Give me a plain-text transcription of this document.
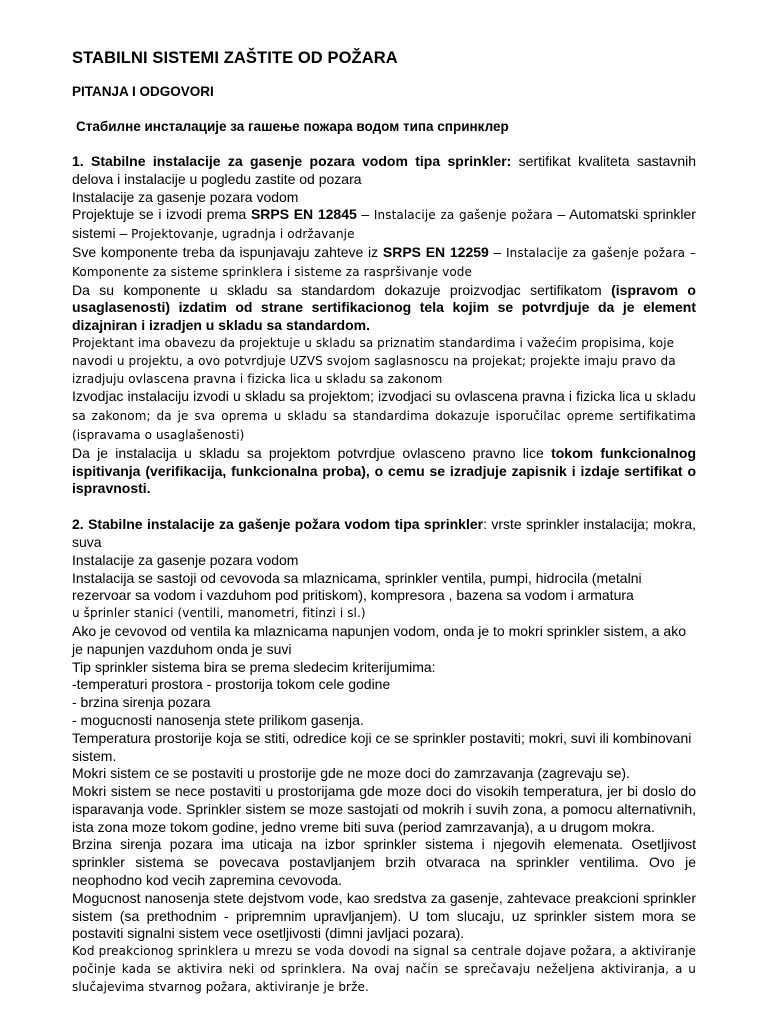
STABILNI SISTEMI ZAŠTITE OD POŽARA
PITANJA I ODGOVORI
Стабилне инсталације за гашење пожара водом типа спринклер

1. Stabilne instalacije za gasenje pozara vodom tipa sprinkler: sertifikat kvaliteta sastavnih delova i instalacije u pogledu zastite od pozara

Instalacije za gasenje pozara vodom

Projektuje se i izvodi prema SRPS EN 12845 – Instalacije za gašenje požara – Automatski sprinkler sistemi – Projektovanje, ugradnja i održavanje

Sve komponente treba da ispunjavaju zahteve iz SRPS EN 12259 – Instalacije za gašenje požara – Komponente za sisteme sprinklera i sisteme za raspršivanje vode

Da su komponente u skladu sa standardom dokazuje proizvodjac sertifikatom (ispravom o usaglasenosti) izdatim od strane sertifikacionog tela kojim se potvrdjuje da je element dizajniran i izradjen u skladu sa standardom.

Projektant ima obavezu da projektuje u skladu sa priznatim standardima i važećim propisima, koje navodi u projektu, a ovo potvrdjuje UZVS svojom saglasnoscu na projekat; projekte imaju pravo da izradjuju ovlascena pravna i fizicka lica u skladu sa zakonom

Izvodjac instalaciju izvodi u skladu sa projektom; izvodjaci su ovlascena pravna i fizicka lica u skladu sa zakonom; da je sva oprema u skladu sa standardima dokazuje isporučilac opreme sertifikatima (ispravama o usaglašenosti)

Da je instalacija u skladu sa projektom potvrdjue ovlasceno pravno lice tokom funkcionalnog ispitivanja (verifikacija, funkcionalna proba), o cemu se izradjuje zapisnik i izdaje sertifikat o ispravnosti.

2. Stabilne instalacije za gašenje požara vodom tipa sprinkler: vrste sprinkler instalacija; mokra, suva

Instalacije za gasenje pozara vodom

Instalacija se sastoji od cevovoda sa mlaznicama, sprinkler ventila, pumpi, hidrocila (metalni rezervoar sa vodom i vazduhom pod pritiskom), kompresora , bazena sa vodom i armatura

u šprinler stanici (ventili, manometri, fitinzi i sl.)

Ako je cevovod od ventila ka mlaznicama napunjen vodom, onda je to mokri sprinkler sistem, a ako je napunjen vazduhom onda je suvi

Tip sprinkler sistema bira se prema sledecim kriterijumima:

-temperaturi prostora - prostorija tokom cele godine

- brzina sirenja pozara

- mogucnosti nanosenja stete prilikom gasenja.

Temperatura prostorije koja se stiti, odredice koji ce se sprinkler postaviti; mokri, suvi ili kombinovani sistem.

Mokri sistem ce se postaviti u prostorije gde ne moze doci do zamrzavanja (zagrevaju se).

Mokri sistem se nece postaviti u prostorijama gde moze doci do visokih temperatura, jer bi doslo do isparavanja vode. Sprinkler sistem se moze sastojati od mokrih i suvih zona, a pomocu alternativnih, ista zona moze tokom godine, jedno vreme biti suva (period zamrzavanja), a u drugom mokra.

Brzina sirenja pozara ima uticaja na izbor sprinkler sistema i njegovih elemenata. Osetljivost sprinkler sistema se povecava postavljanjem brzih otvaraca na sprinkler ventilima. Ovo je neophodno kod vecih zapremina cevovoda.

Mogucnost nanosenja stete dejstvom vode, kao sredstva za gasenje, zahtevace preakcioni sprinkler sistem (sa prethodnim - pripremnim upravljanjem). U tom slucaju, uz sprinkler sistem mora se postaviti signalni sistem vece osetljivosti (dimni javljaci pozara).

Kod preakcionog sprinklera u mrezu se voda dovodi na signal sa centrale dojave požara, a aktiviranje počinje kada se aktivira neki od sprinklera. Na ovaj način se sprečavaju neželjena aktiviranja, a u slučajevima stvarnog požara, aktiviranje je brže.
